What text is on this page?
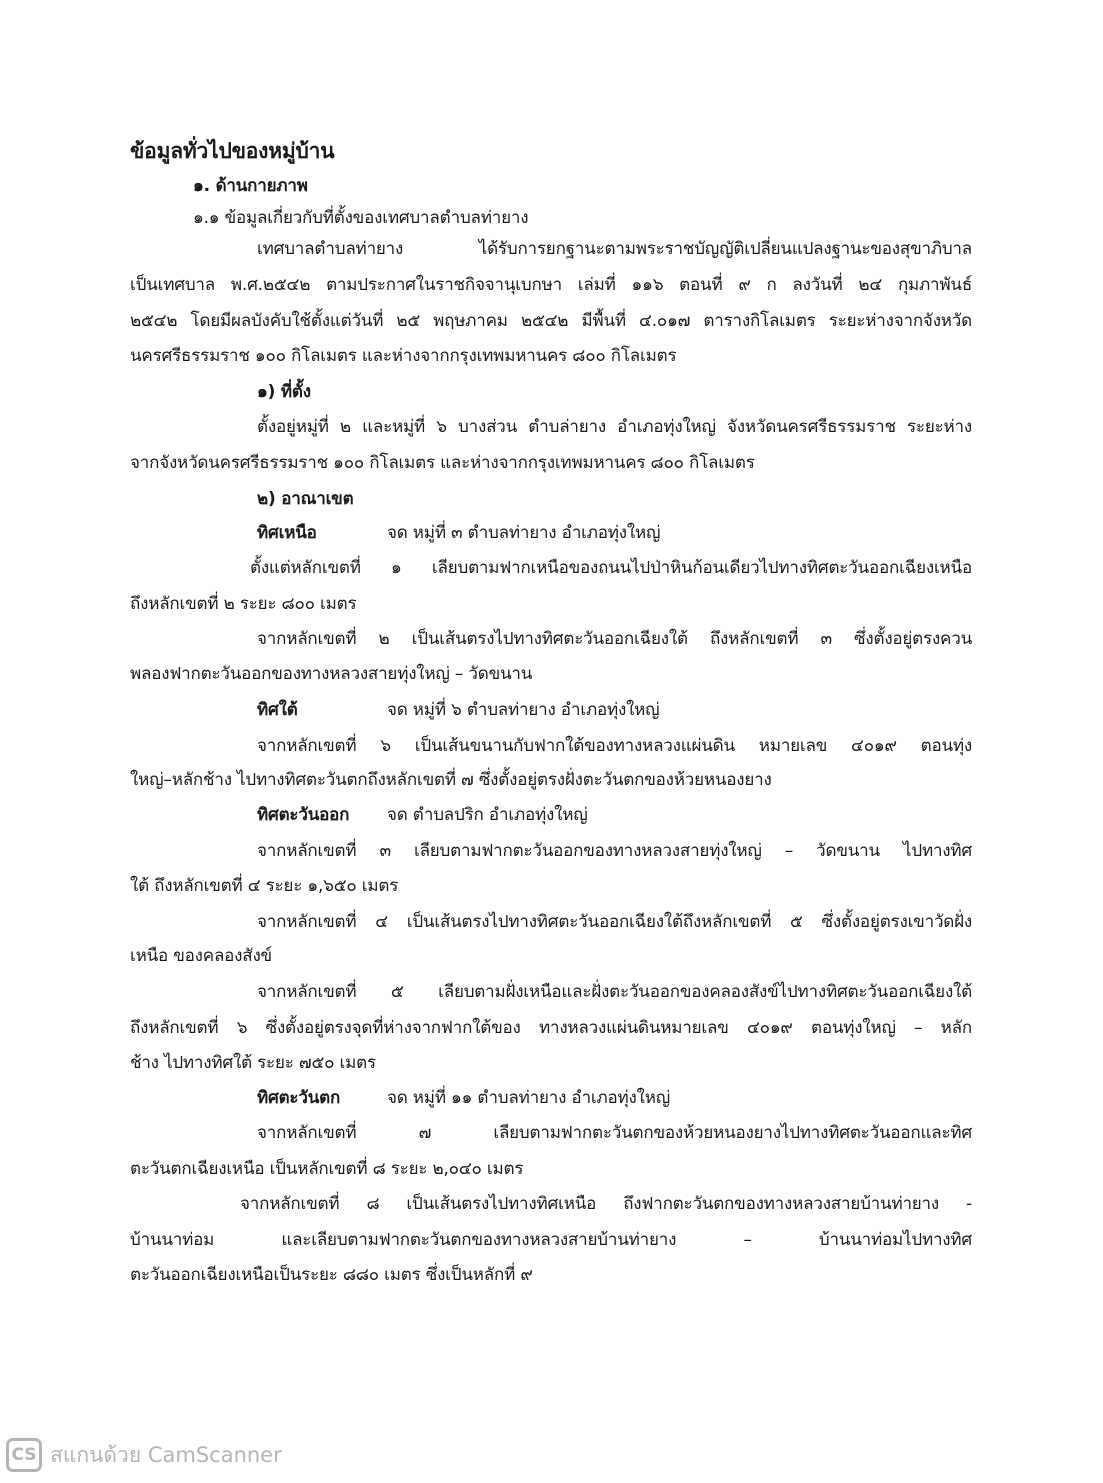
ข้อมูลทั่วไปของหมู่บ้าน
๑. ด้านกายภาพ
๑.๑ ข้อมูลเกี่ยวกับที่ตั้งของเทศบาลตำบลท่ายาง
เทศบาลตำบลท่ายาง ได้รับการยกฐานะตามพระราชบัญญัติเปลี่ยนแปลงฐานะของสุขาภิบาล
เป็นเทศบาล พ.ศ.๒๕๔๒ ตามประกาศในราชกิจจานุเบกษา เล่มที่ ๑๑๖ ตอนที่ ๙ ก ลงวันที่ ๒๔ กุมภาพันธ์
๒๕๔๒ โดยมีผลบังคับใช้ตั้งแต่วันที่ ๒๕ พฤษภาคม ๒๕๔๒ มีพื้นที่ ๔.๐๑๗ ตารางกิโลเมตร ระยะห่างจากจังหวัด
นครศรีธรรมราช ๑๐๐ กิโลเมตร และห่างจากกรุงเทพมหานคร ๘๐๐ กิโลเมตร
๑) ที่ตั้ง
ตั้งอยู่หมู่ที่ ๒ และหมู่ที่ ๖ บางส่วน ตำบล่ายาง อำเภอทุ่งใหญ่ จังหวัดนครศรีธรรมราช ระยะห่าง
จากจังหวัดนครศรีธรรมราช ๑๐๐ กิโลเมตร และห่างจากกรุงเทพมหานคร ๘๐๐ กิโลเมตร
๒) อาณาเขต
ทิศเหนือ	จด หมู่ที่ ๓ ตำบลท่ายาง อำเภอทุ่งใหญ่
ตั้งแต่หลักเขตที่ ๑ เลียบตามฟากเหนือของถนนไปป่าหินก้อนเดียวไปทางทิศตะวันออกเฉียงเหนือ
ถึงหลักเขตที่ ๒ ระยะ ๘๐๐ เมตร
จากหลักเขตที่ ๒ เป็นเส้นตรงไปทางทิศตะวันออกเฉียงใต้ ถึงหลักเขตที่ ๓ ซึ่งตั้งอยู่ตรงควน
พลองฟากตะวันออกของทางหลวงสายทุ่งใหญ่ – วัดขนาน
ทิศใต้	จด หมู่ที่ ๖ ตำบลท่ายาง อำเภอทุ่งใหญ่
จากหลักเขตที่ ๖ เป็นเส้นขนานกับฟากใต้ของทางหลวงแผ่นดิน หมายเลข ๔๐๑๙ ตอนทุ่ง
ใหญ่–หลักช้าง ไปทางทิศตะวันตกถึงหลักเขตที่ ๗ ซึ่งตั้งอยู่ตรงฝั่งตะวันตกของห้วยหนองยาง
ทิศตะวันออก จด ตำบลปริก อำเภอทุ่งใหญ่
จากหลักเขตที่ ๓ เลียบตามฟากตะวันออกของทางหลวงสายทุ่งใหญ่ – วัดขนาน ไปทางทิศ
ใต้ ถึงหลักเขตที่ ๔ ระยะ ๑,๖๕๐ เมตร
จากหลักเขตที่ ๔ เป็นเส้นตรงไปทางทิศตะวันออกเฉียงใต้ถึงหลักเขตที่ ๕ ซึ่งตั้งอยู่ตรงเขาวัดฝั่ง
เหนือ ของคลองสังข์
จากหลักเขตที่ ๕ เลียบตามฝั่งเหนือและฝั่งตะวันออกของคลองสังข์ไปทางทิศตะวันออกเฉียงใต้
ถึงหลักเขตที่ ๖ ซึ่งตั้งอยู่ตรงจุดที่ห่างจากฟากใต้ของ ทางหลวงแผ่นดินหมายเลข ๔๐๑๙ ตอนทุ่งใหญ่ – หลัก
ช้าง ไปทางทิศใต้ ระยะ ๗๕๐ เมตร
ทิศตะวันตก	จด หมู่ที่ ๑๑ ตำบลท่ายาง อำเภอทุ่งใหญ่
จากหลักเขตที่ ๗ เลียบตามฟากตะวันตกของห้วยหนองยางไปทางทิศตะวันออกและทิศ
ตะวันตกเฉียงเหนือ เป็นหลักเขตที่ ๘ ระยะ ๒,๐๔๐ เมตร
จากหลักเขตที่ ๘ เป็นเส้นตรงไปทางทิศเหนือ ถึงฟากตะวันตกของทางหลวงสายบ้านท่ายาง -
บ้านนาท่อม และเลียบตามฟากตะวันตกของทางหลวงสายบ้านท่ายาง – บ้านนาท่อมไปทางทิศ
ตะวันออกเฉียงเหนือเป็นระยะ ๘๘๐ เมตร ซึ่งเป็นหลักที่ ๙
CS สแกนด้วย CamScanner
